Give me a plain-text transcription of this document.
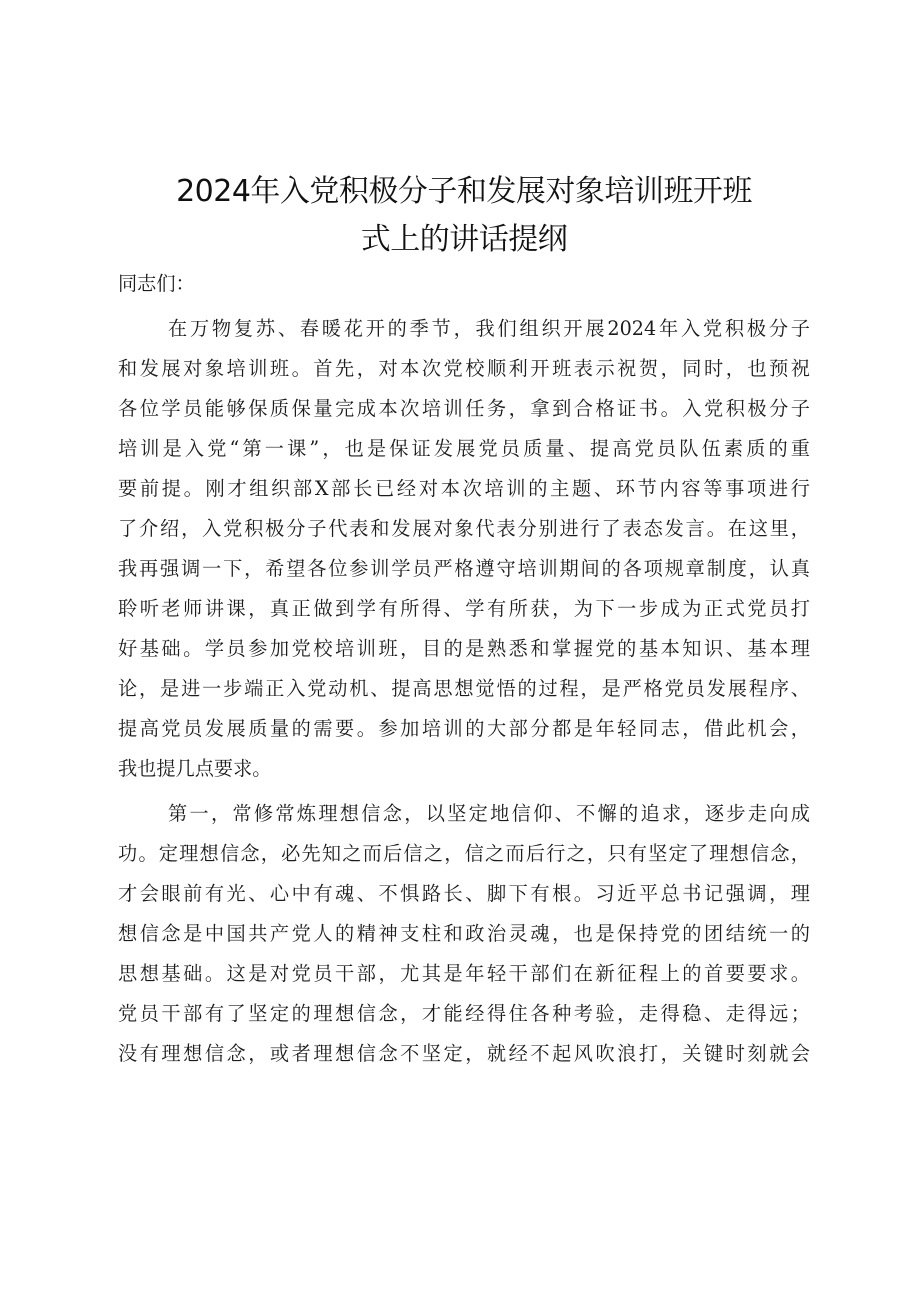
2024年入党积极分子和发展对象培训班开班
式上的讲话提纲
同志们：
在万物复苏、春暖花开的季节，我们组织开展2024年入党积极分子
和发展对象培训班。首先，对本次党校顺利开班表示祝贺，同时，也预祝
各位学员能够保质保量完成本次培训任务，拿到合格证书。入党积极分子
培训是入党“第一课”，也是保证发展党员质量、提高党员队伍素质的重
要前提。刚才组织部X部长已经对本次培训的主题、环节内容等事项进行
了介绍，入党积极分子代表和发展对象代表分别进行了表态发言。在这里，
我再强调一下，希望各位参训学员严格遵守培训期间的各项规章制度，认真
聆听老师讲课，真正做到学有所得、学有所获，为下一步成为正式党员打
好基础。学员参加党校培训班，目的是熟悉和掌握党的基本知识、基本理
论，是进一步端正入党动机、提高思想觉悟的过程，是严格党员发展程序、
提高党员发展质量的需要。参加培训的大部分都是年轻同志，借此机会，
我也提几点要求。
第一，常修常炼理想信念，以坚定地信仰、不懈的追求，逐步走向成
功。定理想信念，必先知之而后信之，信之而后行之，只有坚定了理想信念，
才会眼前有光、心中有魂、不惧路长、脚下有根。习近平总书记强调，理
想信念是中国共产党人的精神支柱和政治灵魂，也是保持党的团结统一的
思想基础。这是对党员干部，尤其是年轻干部们在新征程上的首要要求。
党员干部有了坚定的理想信念，才能经得住各种考验，走得稳、走得远；
没有理想信念，或者理想信念不坚定，就经不起风吹浪打，关键时刻就会
